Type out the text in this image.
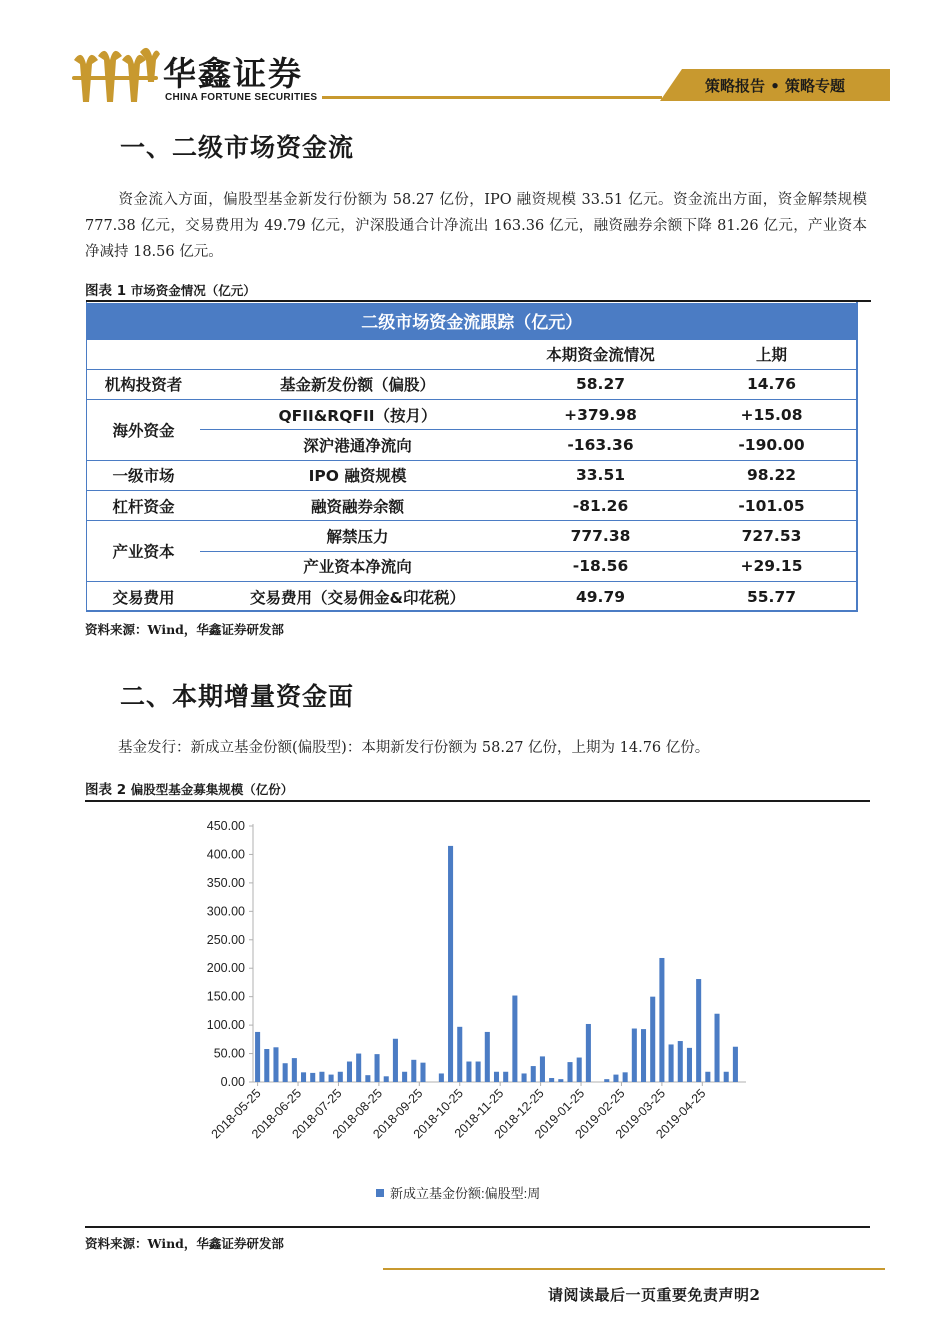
华鑫证券
CHINA FORTUNE SECURITIES
策略报告 • 策略专题
一、二级市场资金流
资金流入方面，偏股型基金新发行份额为 58.27 亿份，IPO 融资规模 33.51 亿元。资金流出方面，资金解禁规模 777.38 亿元，交易费用为 49.79 亿元，沪深股通合计净流出 163.36 亿元，融资融券余额下降 81.26 亿元，产业资本净减持 18.56 亿元。
图表 1 市场资金情况（亿元）
二级市场资金流跟踪（亿元）			
		本期资金流情况	上期
机构投资者	基金新发份额（偏股）	58.27	14.76
海外资金	QFII&RQFII（按月）	+379.98	+15.08
	深沪港通净流向	-163.36	-190.00
一级市场	IPO 融资规模	33.51	98.22
杠杆资金	融资融券余额	-81.26	-101.05
产业资本	解禁压力	777.38	727.53
	产业资本净流向	-18.56	+29.15
交易费用	交易费用（交易佣金&印花税）	49.79	55.77
资料来源：Wind，华鑫证券研发部
二、本期增量资金面
基金发行：新成立基金份额(偏股型)：本期新发行份额为 58.27 亿份，上期为 14.76 亿份。
图表 2 偏股型基金募集规模（亿份）
0.00
50.00
100.00
150.00
200.00
250.00
300.00
350.00
400.00
450.00
2018-05-25
2018-06-25
2018-07-25
2018-08-25
2018-09-25
2018-10-25
2018-11-25
2018-12-25
2019-01-25
2019-02-25
2019-03-25
2019-04-25
新成立基金份额:偏股型:周
资料来源：Wind，华鑫证券研发部
请阅读最后一页重要免责声明2
